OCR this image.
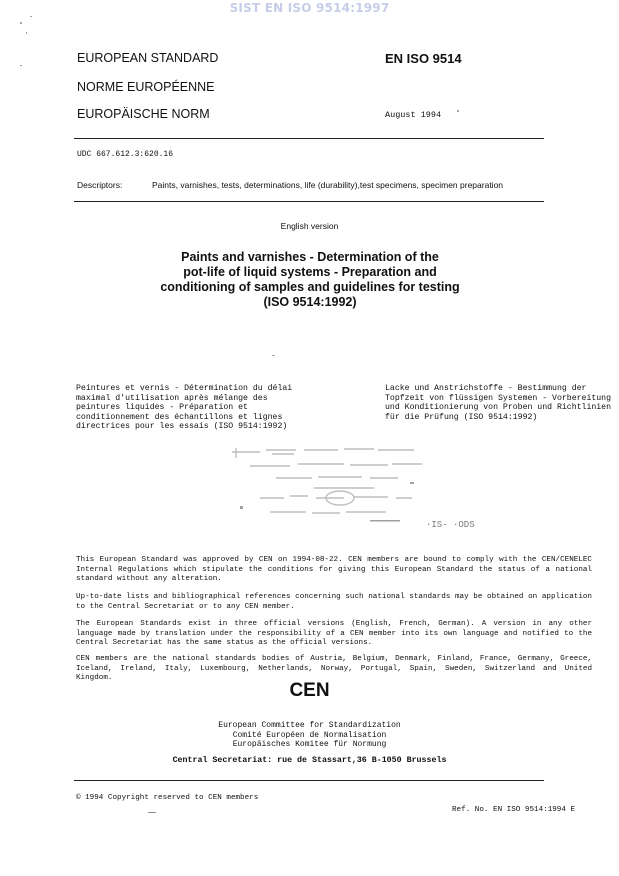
SIST EN ISO 9514:1997
EUROPEAN STANDARD
NORME EUROPÉENNE
EUROPÄISCHE NORM
EN ISO 9514
August 1994
UDC 667.612.3:620.16
Descriptors:	Paints, varnishes, tests, determinations, life (durability),test specimens, specimen preparation
English version
Paints and varnishes - Determination of the
pot-life of liquid systems - Preparation and
conditioning of samples and guidelines for testing
(ISO 9514:1992)
Peintures et vernis - Détermination du délai
maximal d'utilisation après mélange des
peintures liquides - Préparation et
conditionnement des échantillons et lignes
directrices pour les essais (ISO 9514:1992)
Lacke und Anstrichstoffe - Bestimmung der
Topfzeit von flüssigen Systemen - Vorbereitung
und Konditionierung von Proben und Richtlinien
für die Prüfung (ISO 9514:1992)
·IS- ·ODS
This European Standard was approved by CEN on 1994-08-22. CEN members are bound to comply with the CEN/CENELEC Internal Regulations which stipulate the conditions for giving this European Standard the status of a national standard without any alteration.
Up-to-date lists and bibliographical references concerning such national standards may be obtained on application to the Central Secretariat or to any CEN member.
The European Standards exist in three official versions (English, French, German). A version in any other language made by translation under the responsibility of a CEN member into its own language and notified to the Central Secretariat has the same status as the official versions.
CEN members are the national standards bodies of Austria, Belgium, Denmark, Finland, France, Germany, Greece, Iceland, Ireland, Italy, Luxembourg, Netherlands, Norway, Portugal, Spain, Sweden, Switzerland and United Kingdom.
CEN
European Committee for Standardization
Comité Européen de Normalisation
Europäisches Komitee für Normung
Central Secretariat: rue de Stassart,36 B-1050 Brussels
© 1994 Copyright reserved to CEN members
Ref. No. EN ISO 9514:1994 E
